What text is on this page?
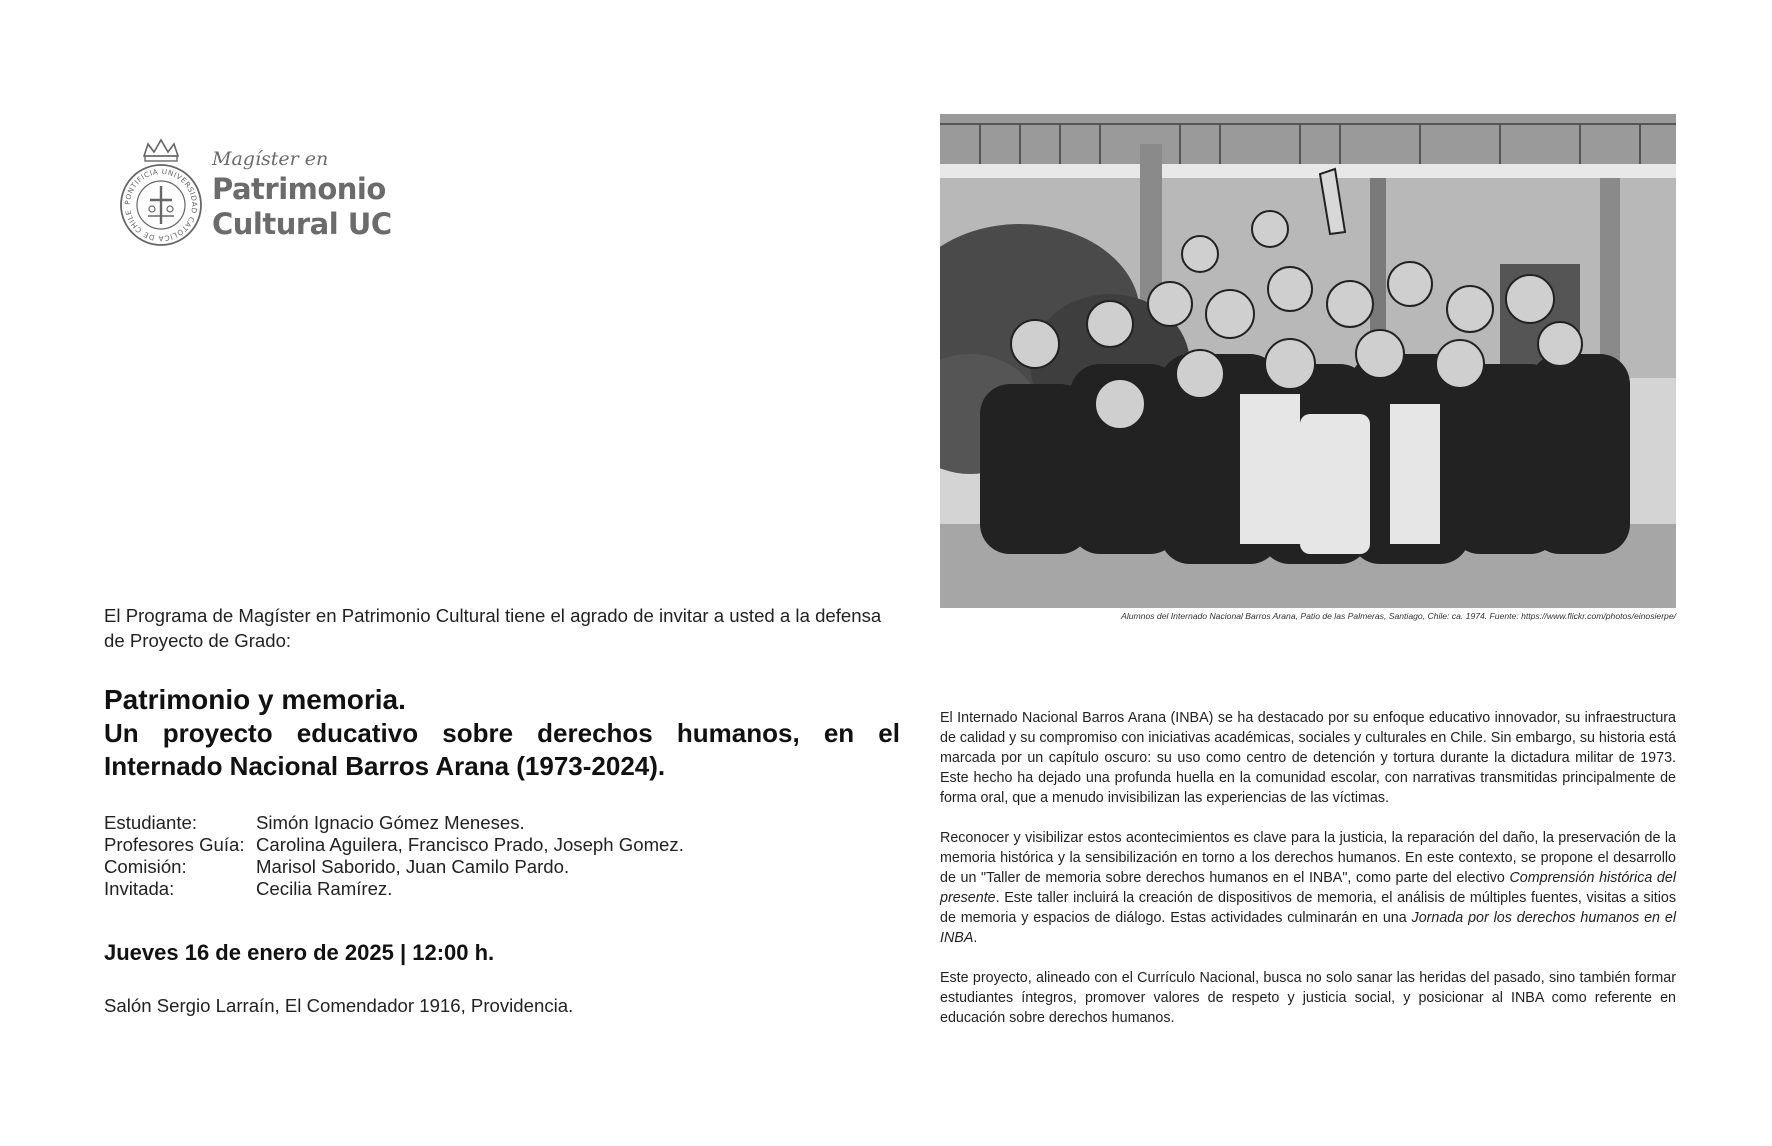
PONTIFICIA UNIVERSIDAD CATÓLICA DE CHILE
Magíster en
Patrimonio
Cultural UC
Alumnos del Internado Nacional Barros Arana, Patio de las Palmeras, Santiago, Chile: ca. 1974. Fuente: https://www.flickr.com/photos/einosierpe/
El Programa de Magíster en Patrimonio Cultural tiene el agrado de invitar a usted a la defensa de Proyecto de Grado:
Patrimonio y memoria.
Un proyecto educativo sobre derechos humanos, en el Internado Nacional Barros Arana (1973-2024).
Estudiante:	Simón Ignacio Gómez Meneses.
Profesores Guía: Carolina Aguilera, Francisco Prado, Joseph Gomez.
Comisión:	Marisol Saborido, Juan Camilo Pardo.
Invitada:	Cecilia Ramírez.
Jueves 16 de enero de 2025 | 12:00 h.
Salón Sergio Larraín, El Comendador 1916, Providencia.

El Internado Nacional Barros Arana (INBA) se ha destacado por su enfoque educativo innovador, su infraestructura de calidad y su compromiso con iniciativas académicas, sociales y culturales en Chile. Sin embargo, su historia está marcada por un capítulo oscuro: su uso como centro de detención y tortura durante la dictadura militar de 1973. Este hecho ha dejado una profunda huella en la comunidad escolar, con narrativas transmitidas principalmente de forma oral, que a menudo invisibilizan las experiencias de las víctimas.

Reconocer y visibilizar estos acontecimientos es clave para la justicia, la reparación del daño, la preservación de la memoria histórica y la sensibilización en torno a los derechos humanos. En este contexto, se propone el desarrollo de un "Taller de memoria sobre derechos humanos en el INBA", como parte del electivo Comprensión histórica del presente. Este taller incluirá la creación de dispositivos de memoria, el análisis de múltiples fuentes, visitas a sitios de memoria y espacios de diálogo. Estas actividades culminarán en una Jornada por los derechos humanos en el INBA.

Este proyecto, alineado con el Currículo Nacional, busca no solo sanar las heridas del pasado, sino también formar estudiantes íntegros, promover valores de respeto y justicia social, y posicionar al INBA como referente en educación sobre derechos humanos.
